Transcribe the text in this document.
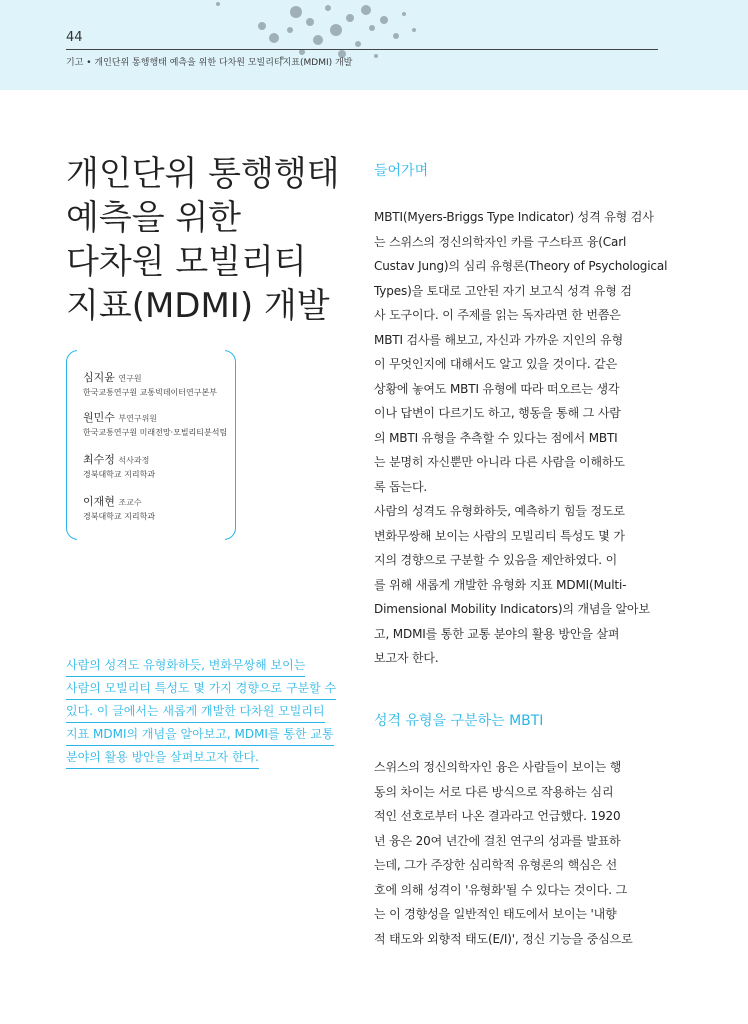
44
기고 • 개인단위 통행행태 예측을 위한 다차원 모빌리티지표(MDMI) 개발
개인단위 통행행태
예측을 위한
다차원 모빌리티
지표(MDMI) 개발
심지윤 연구원
한국교통연구원 교통빅데이터연구본부
원민수 부연구위원
한국교통연구원 미래전망·모빌리티분석팀
최수정 석사과정
경북대학교 지리학과
이재현 조교수
경북대학교 지리학과
사람의 성격도 유형화하듯, 변화무쌍해 보이는
사람의 모빌리티 특성도 몇 가지 경향으로 구분할 수
있다. 이 글에서는 새롭게 개발한 다차원 모빌리티
지표 MDMI의 개념을 알아보고, MDMI를 통한 교통
분야의 활용 방안을 살펴보고자 한다.
들어가며
MBTI(Myers-Briggs Type Indicator) 성격 유형 검사
는 스위스의 정신의학자인 카를 구스타프 융(Carl
Custav Jung)의 심리 유형론(Theory of Psychological
Types)을 토대로 고안된 자기 보고식 성격 유형 검
사 도구이다. 이 주제를 읽는 독자라면 한 번쯤은
MBTI 검사를 해보고, 자신과 가까운 지인의 유형
이 무엇인지에 대해서도 알고 있을 것이다. 같은
상황에 놓여도 MBTI 유형에 따라 떠오르는 생각
이나 답변이 다르기도 하고, 행동을 통해 그 사람
의 MBTI 유형을 추측할 수 있다는 점에서 MBTI
는 분명히 자신뿐만 아니라 다른 사람을 이해하도
록 돕는다.
사람의 성격도 유형화하듯, 예측하기 힘들 정도로
변화무쌍해 보이는 사람의 모빌리티 특성도 몇 가
지의 경향으로 구분할 수 있음을 제안하였다. 이
를 위해 새롭게 개발한 유형화 지표 MDMI(Multi-
Dimensional Mobility Indicators)의 개념을 알아보
고, MDMI를 통한 교통 분야의 활용 방안을 살펴
보고자 한다.
성격 유형을 구분하는 MBTI
스위스의 정신의학자인 융은 사람들이 보이는 행
동의 차이는 서로 다른 방식으로 작용하는 심리
적인 선호로부터 나온 결과라고 언급했다. 1920
년 융은 20여 년간에 걸친 연구의 성과를 발표하
는데, 그가 주장한 심리학적 유형론의 핵심은 선
호에 의해 성격이 '유형화'될 수 있다는 것이다. 그
는 이 경향성을 일반적인 태도에서 보이는 '내향
적 태도와 외향적 태도(E/I)', 정신 기능을 중심으로
